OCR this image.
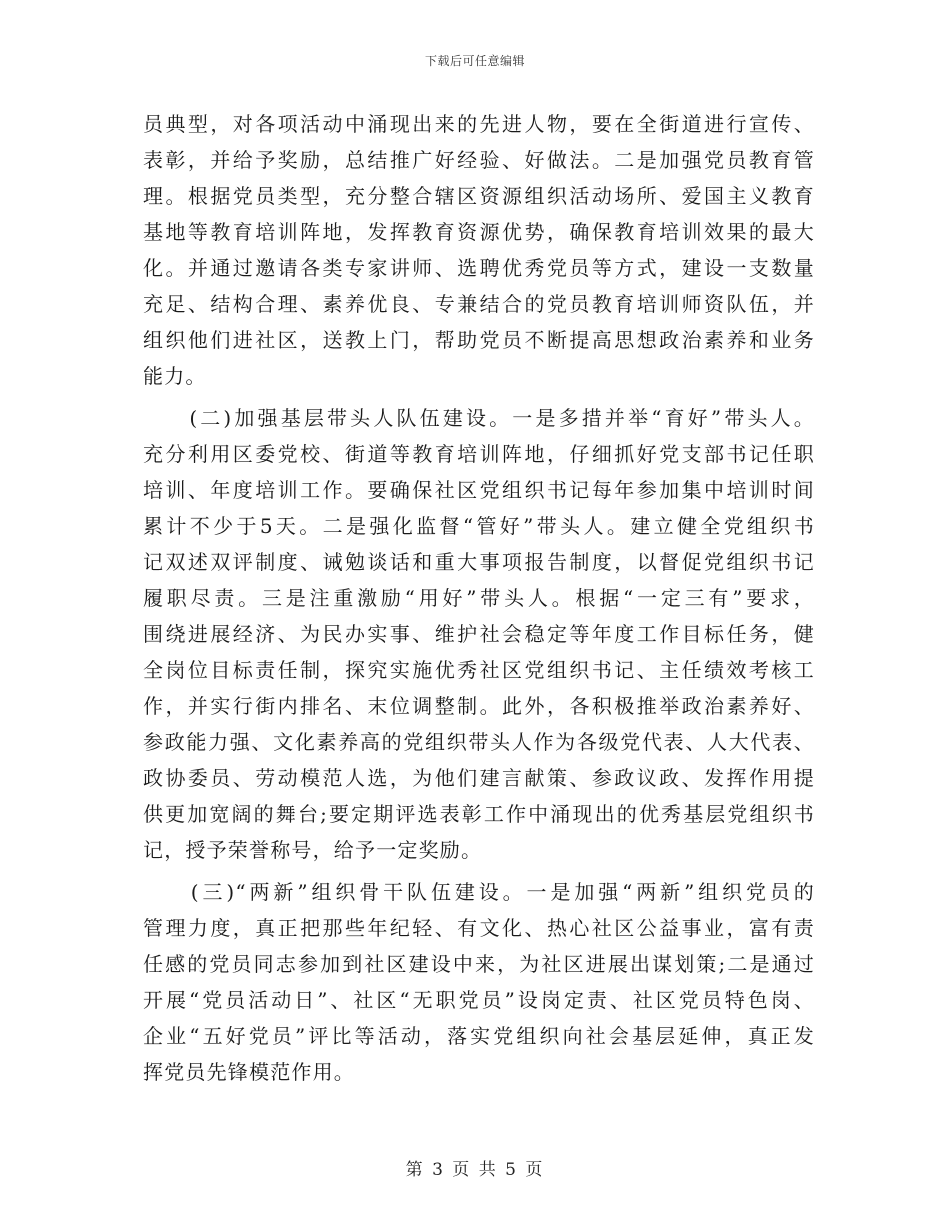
下载后可任意编辑
员典型，对各项活动中涌现出来的先进人物，要在全街道进行宣传、
表彰，并给予奖励，总结推广好经验、好做法。二是加强党员教育管
理。根据党员类型，充分整合辖区资源组织活动场所、爱国主义教育
基地等教育培训阵地，发挥教育资源优势，确保教育培训效果的最大
化。并通过邀请各类专家讲师、选聘优秀党员等方式，建设一支数量
充足、结构合理、素养优良、专兼结合的党员教育培训师资队伍，并
组织他们进社区，送教上门，帮助党员不断提高思想政治素养和业务
能力。
　　(二)加强基层带头人队伍建设。一是多措并举“育好”带头人。
充分利用区委党校、街道等教育培训阵地，仔细抓好党支部书记任职
培训、年度培训工作。要确保社区党组织书记每年参加集中培训时间
累计不少于5天。二是强化监督“管好”带头人。建立健全党组织书
记双述双评制度、诫勉谈话和重大事项报告制度，以督促党组织书记
履职尽责。三是注重激励“用好”带头人。根据“一定三有”要求，
围绕进展经济、为民办实事、维护社会稳定等年度工作目标任务，健
全岗位目标责任制，探究实施优秀社区党组织书记、主任绩效考核工
作，并实行街内排名、末位调整制。此外，各积极推举政治素养好、
参政能力强、文化素养高的党组织带头人作为各级党代表、人大代表、
政协委员、劳动模范人选，为他们建言献策、参政议政、发挥作用提
供更加宽阔的舞台;要定期评选表彰工作中涌现出的优秀基层党组织书
记，授予荣誉称号，给予一定奖励。
　　(三)“两新”组织骨干队伍建设。一是加强“两新”组织党员的
管理力度，真正把那些年纪轻、有文化、热心社区公益事业，富有责
任感的党员同志参加到社区建设中来，为社区进展出谋划策;二是通过
开展“党员活动日”、社区“无职党员”设岗定责、社区党员特色岗、
企业“五好党员”评比等活动，落实党组织向社会基层延伸，真正发
挥党员先锋模范作用。
第 3 页 共 5 页
